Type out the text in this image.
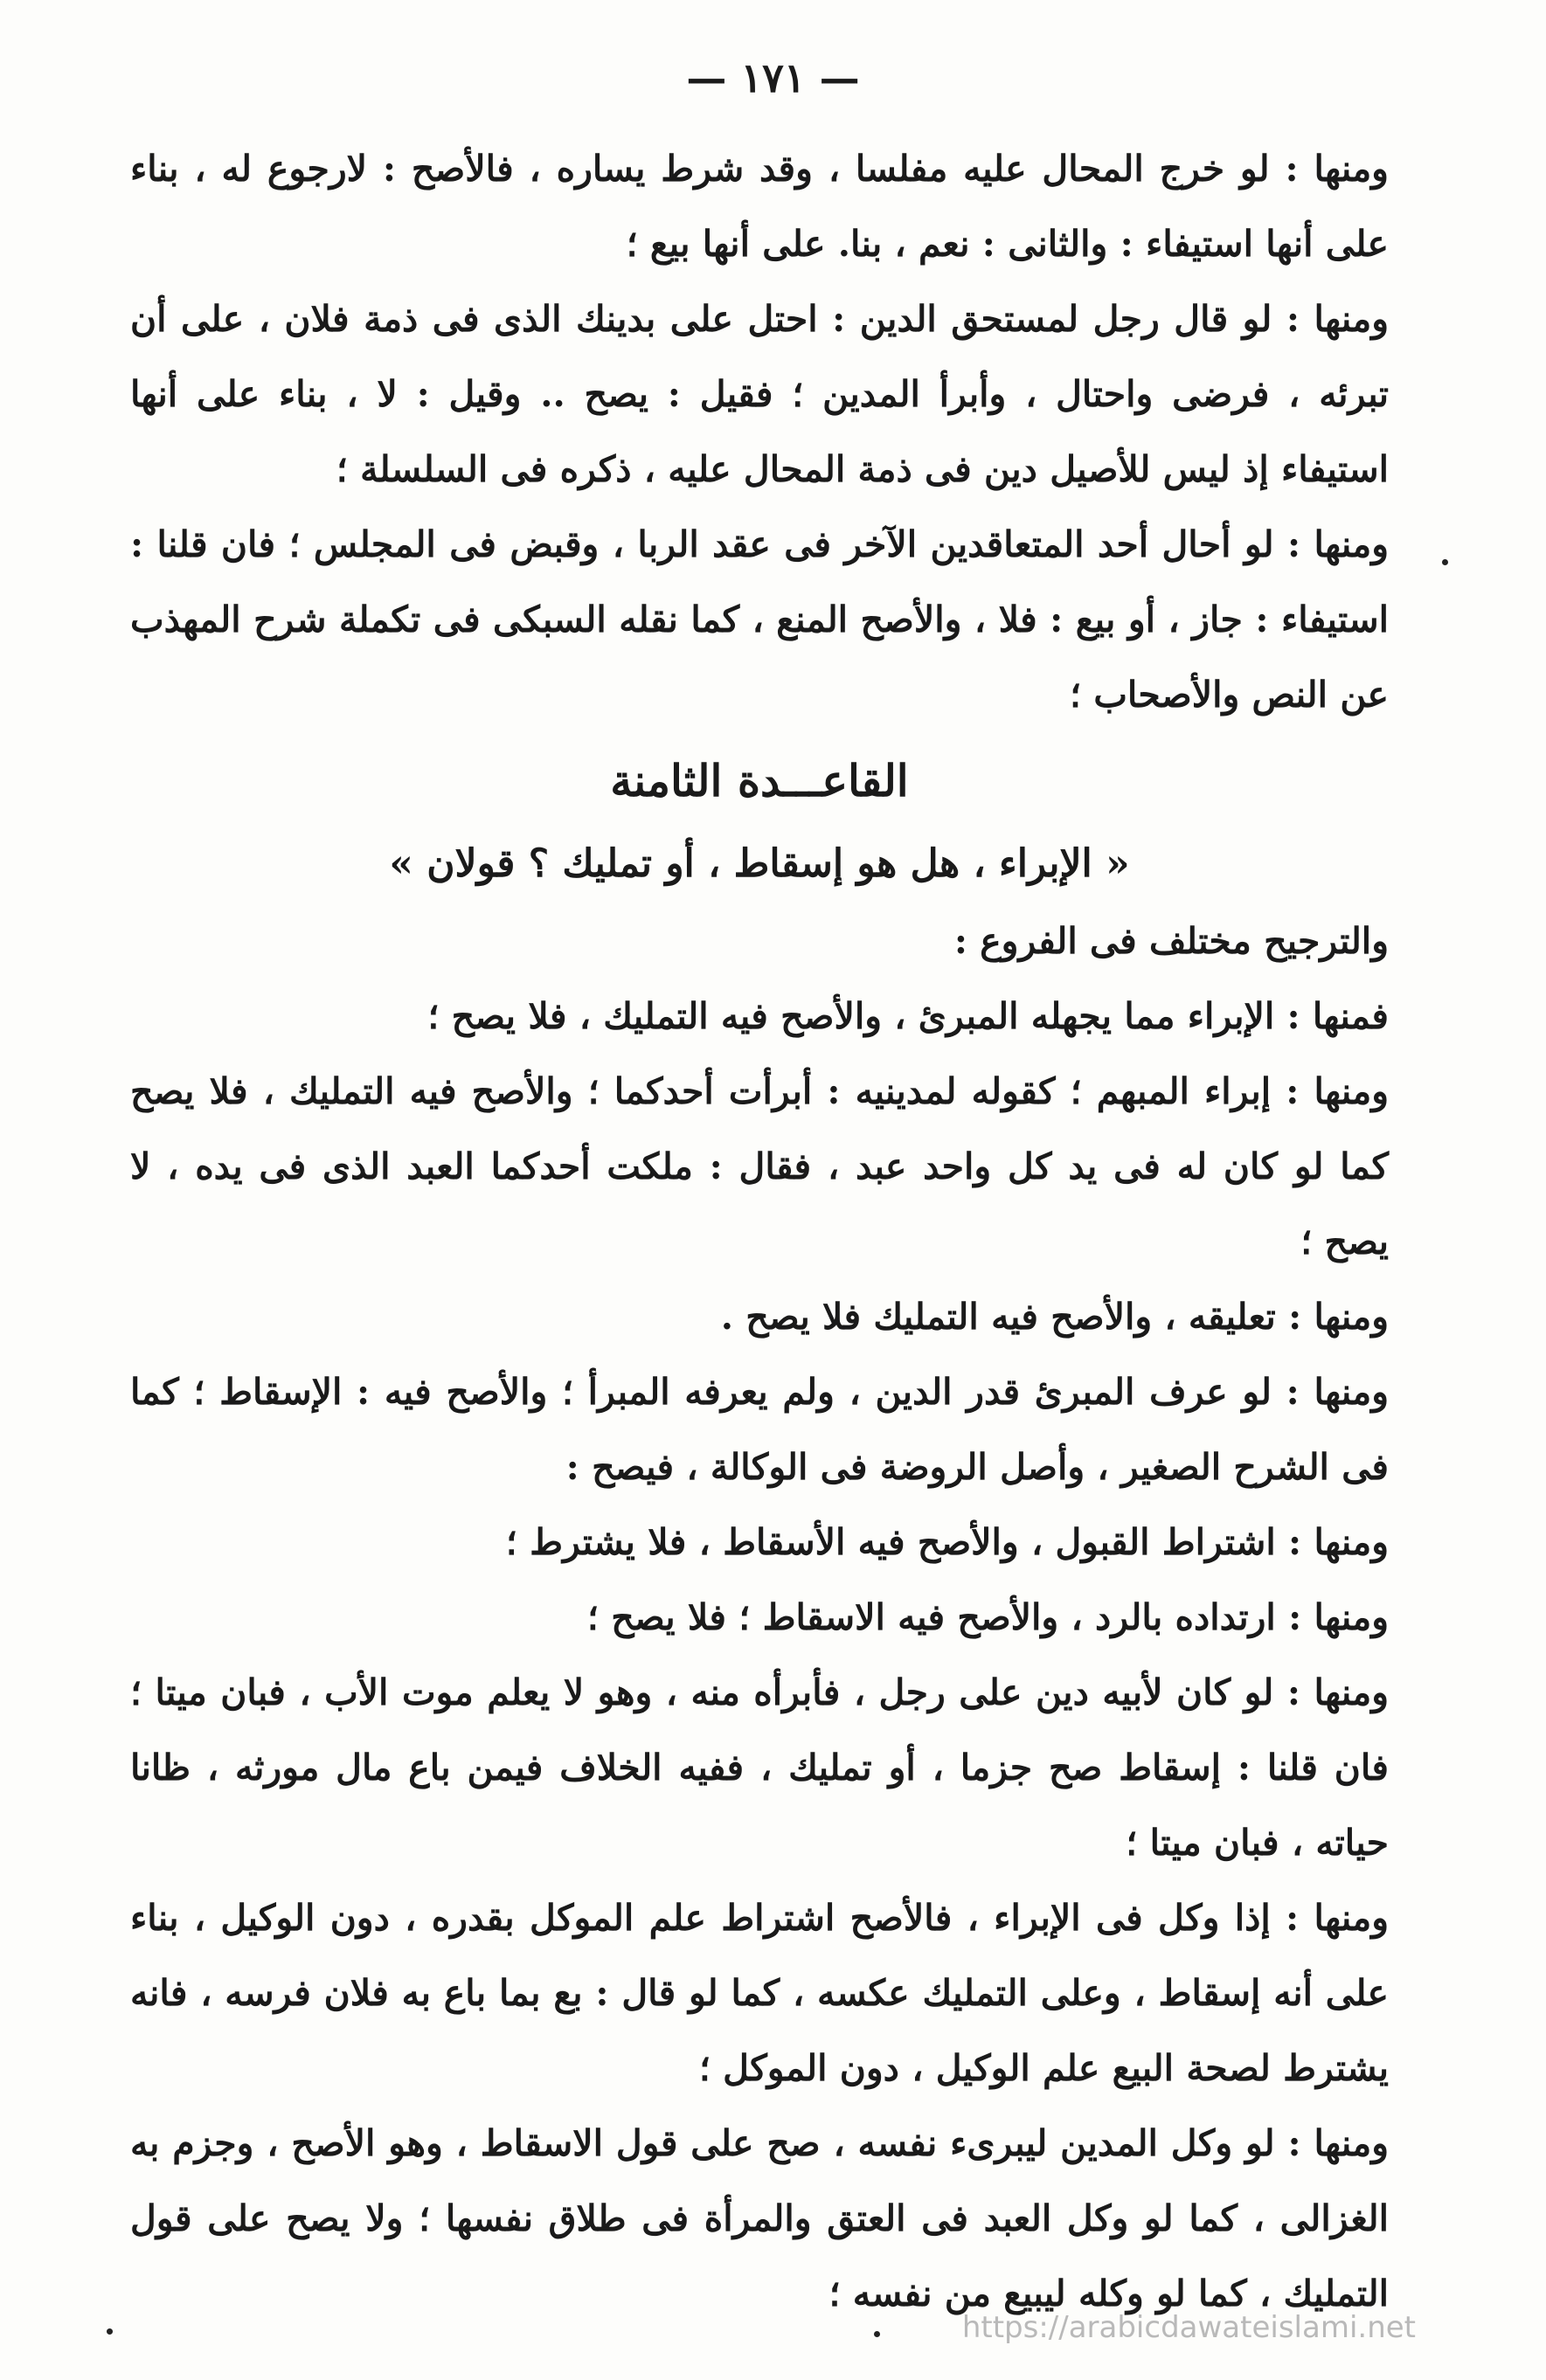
— ١٧١ —

ومنها : لو خرج المحال عليه مفلسا ، وقد شرط يساره ، فالأصح : لارجوع له ، بناء على أنها استيفاء : والثانى : نعم ، بنا. على أنها بيع ؛

ومنها : لو قال رجل لمستحق الدين : احتل على بدينك الذى فى ذمة فلان ، على أن تبرئه ، فرضى واحتال ، وأبرأ المدين ؛ فقيل : يصح .. وقيل : لا ، بناء على أنها استيفاء إذ ليس للأصيل دين فى ذمة المحال عليه ، ذكره فى السلسلة ؛

ومنها : لو أحال أحد المتعاقدين الآخر فى عقد الربا ، وقبض فى المجلس ؛ فان قلنا : استيفاء : جاز ، أو بيع : فلا ، والأصح المنع ، كما نقله السبكى فى تكملة شرح المهذب عن النص والأصحاب ؛

القاعـــدة الثامنة

« الإبراء ، هل هو إسقاط ، أو تمليك ؟ قولان »

والترجيح مختلف فى الفروع :

فمنها : الإبراء مما يجهله المبرئ ، والأصح فيه التمليك ، فلا يصح ؛

ومنها : إبراء المبهم ؛ كقوله لمدينيه : أبرأت أحدكما ؛ والأصح فيه التمليك ، فلا يصح كما لو كان له فى يد كل واحد عبد ، فقال : ملكت أحدكما العبد الذى فى يده ، لا يصح ؛

ومنها : تعليقه ، والأصح فيه التمليك فلا يصح .

ومنها : لو عرف المبرئ قدر الدين ، ولم يعرفه المبرأ ؛ والأصح فيه : الإسقاط ؛ كما فى الشرح الصغير ، وأصل الروضة فى الوكالة ، فيصح :

ومنها : اشتراط القبول ، والأصح فيه الأسقاط ، فلا يشترط ؛

ومنها : ارتداده بالرد ، والأصح فيه الاسقاط ؛ فلا يصح ؛

ومنها : لو كان لأبيه دين على رجل ، فأبرأه منه ، وهو لا يعلم موت الأب ، فبان ميتا ؛ فان قلنا : إسقاط صح جزما ، أو تمليك ، ففيه الخلاف فيمن باع مال مورثه ، ظانا حياته ، فبان ميتا ؛

ومنها : إذا وكل فى الإبراء ، فالأصح اشتراط علم الموكل بقدره ، دون الوكيل ، بناء على أنه إسقاط ، وعلى التمليك عكسه ، كما لو قال : بع بما باع به فلان فرسه ، فانه يشترط لصحة البيع علم الوكيل ، دون الموكل ؛

ومنها : لو وكل المدين ليبرىء نفسه ، صح على قول الاسقاط ، وهو الأصح ، وجزم به الغزالى ، كما لو وكل العبد فى العتق والمرأة فى طلاق نفسها ؛ ولا يصح على قول التمليك ، كما لو وكله ليبيع من نفسه ؛

https://arabicdawateislami.net
